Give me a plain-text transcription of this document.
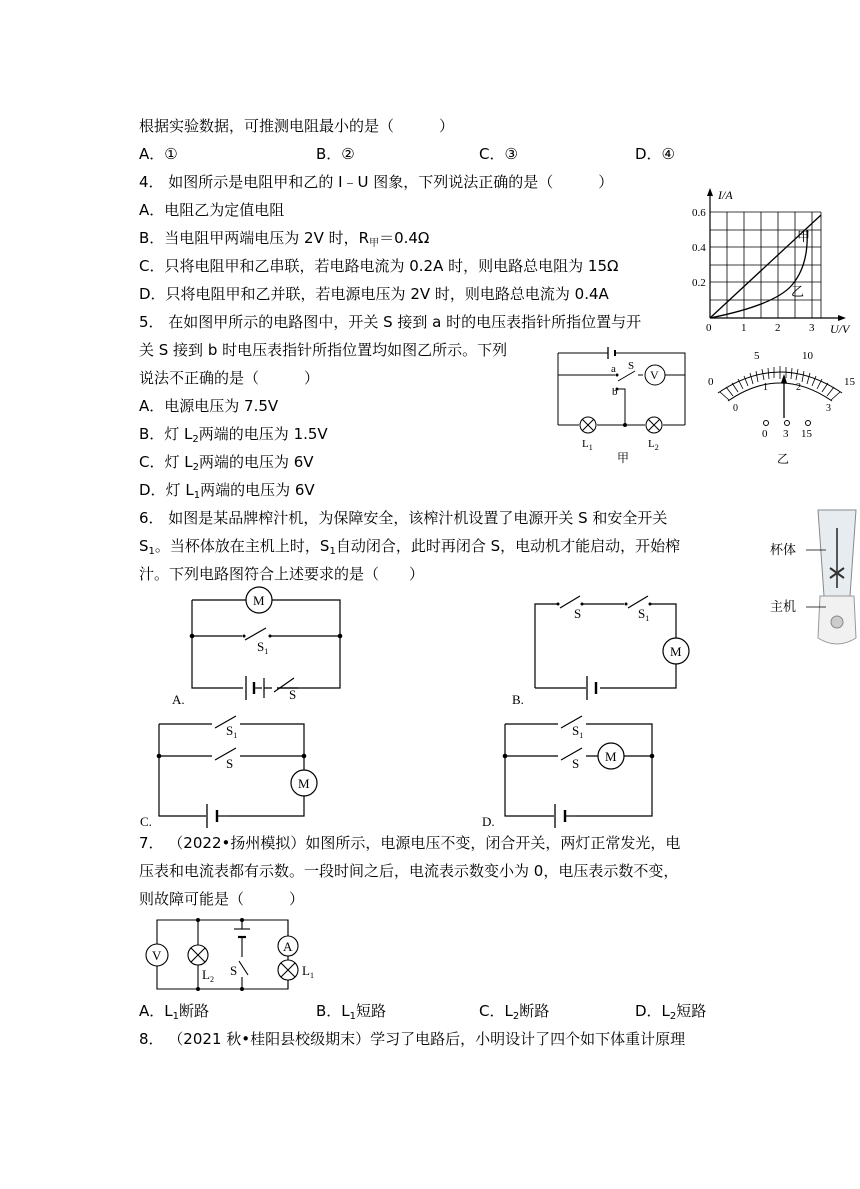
根据实验数据，可推测电阻最小的是（　　　）
A．①	B．②	C．③	D．④
4． 如图所示是电阻甲和乙的 I﹣U 图象，下列说法正确的是（　　　）
A．电阻乙为定值电阻
B．当电阻甲两端电压为 2V 时，$R_甲=0.4\Omega$
C．只将电阻甲和乙串联，若电路电流为 0.2A 时，则电路总电阻为 15Ω
D．只将电阻甲和乙并联，若电源电压为 2V 时，则电路总电流为 0.4A
I/A
U/V
0.6
0.4
0.2
0	1	2	3
甲
乙
5． 在如图甲所示的电路图中，开关 S 接到 a 时的电压表指针所指位置与开
关 S 接到 b 时电压表指针所指位置均如图乙所示。下列
说法不正确的是（　　　）
A．电源电压为 7.5V
B．灯 $L_2$两端的电压为 1.5V
C．灯 $L_2$两端的电压为 6V
D．灯 $L_1$两端的电压为 6V
a
b
S
V
$L_1$	$L_2$
甲
5	10
15
0
0
1	2
3
0 3 15
乙
6． 如图是某品牌榨汁机，为保障安全，该榨汁机设置了电源开关 S 和安全开关
$S_1$。当杯体放在主机上时，$S_1$自动闭合，此时再闭合 S，电动机才能启动，开始榨
汁。下列电路图符合上述要求的是（　　）
杯体
主机
M
$S_1$
S
A.
S	$S_1$
M
B.
$S_1$
S
M
C.
$S_1$
S M
D.
7． （2022•扬州模拟）如图所示，电源电压不变，闭合开关，两灯正常发光，电
压表和电流表都有示数。一段时间之后，电流表示数变小为 0，电压表示数不变，
则故障可能是（　　　）
V
A
S
$L_2$
$L_1$
A．$L_1$断路	B．$L_1$短路	C．$L_2$断路	D．$L_2$短路
8． （2021 秋•桂阳县校级期末）学习了电路后，小明设计了四个如下体重计原理
